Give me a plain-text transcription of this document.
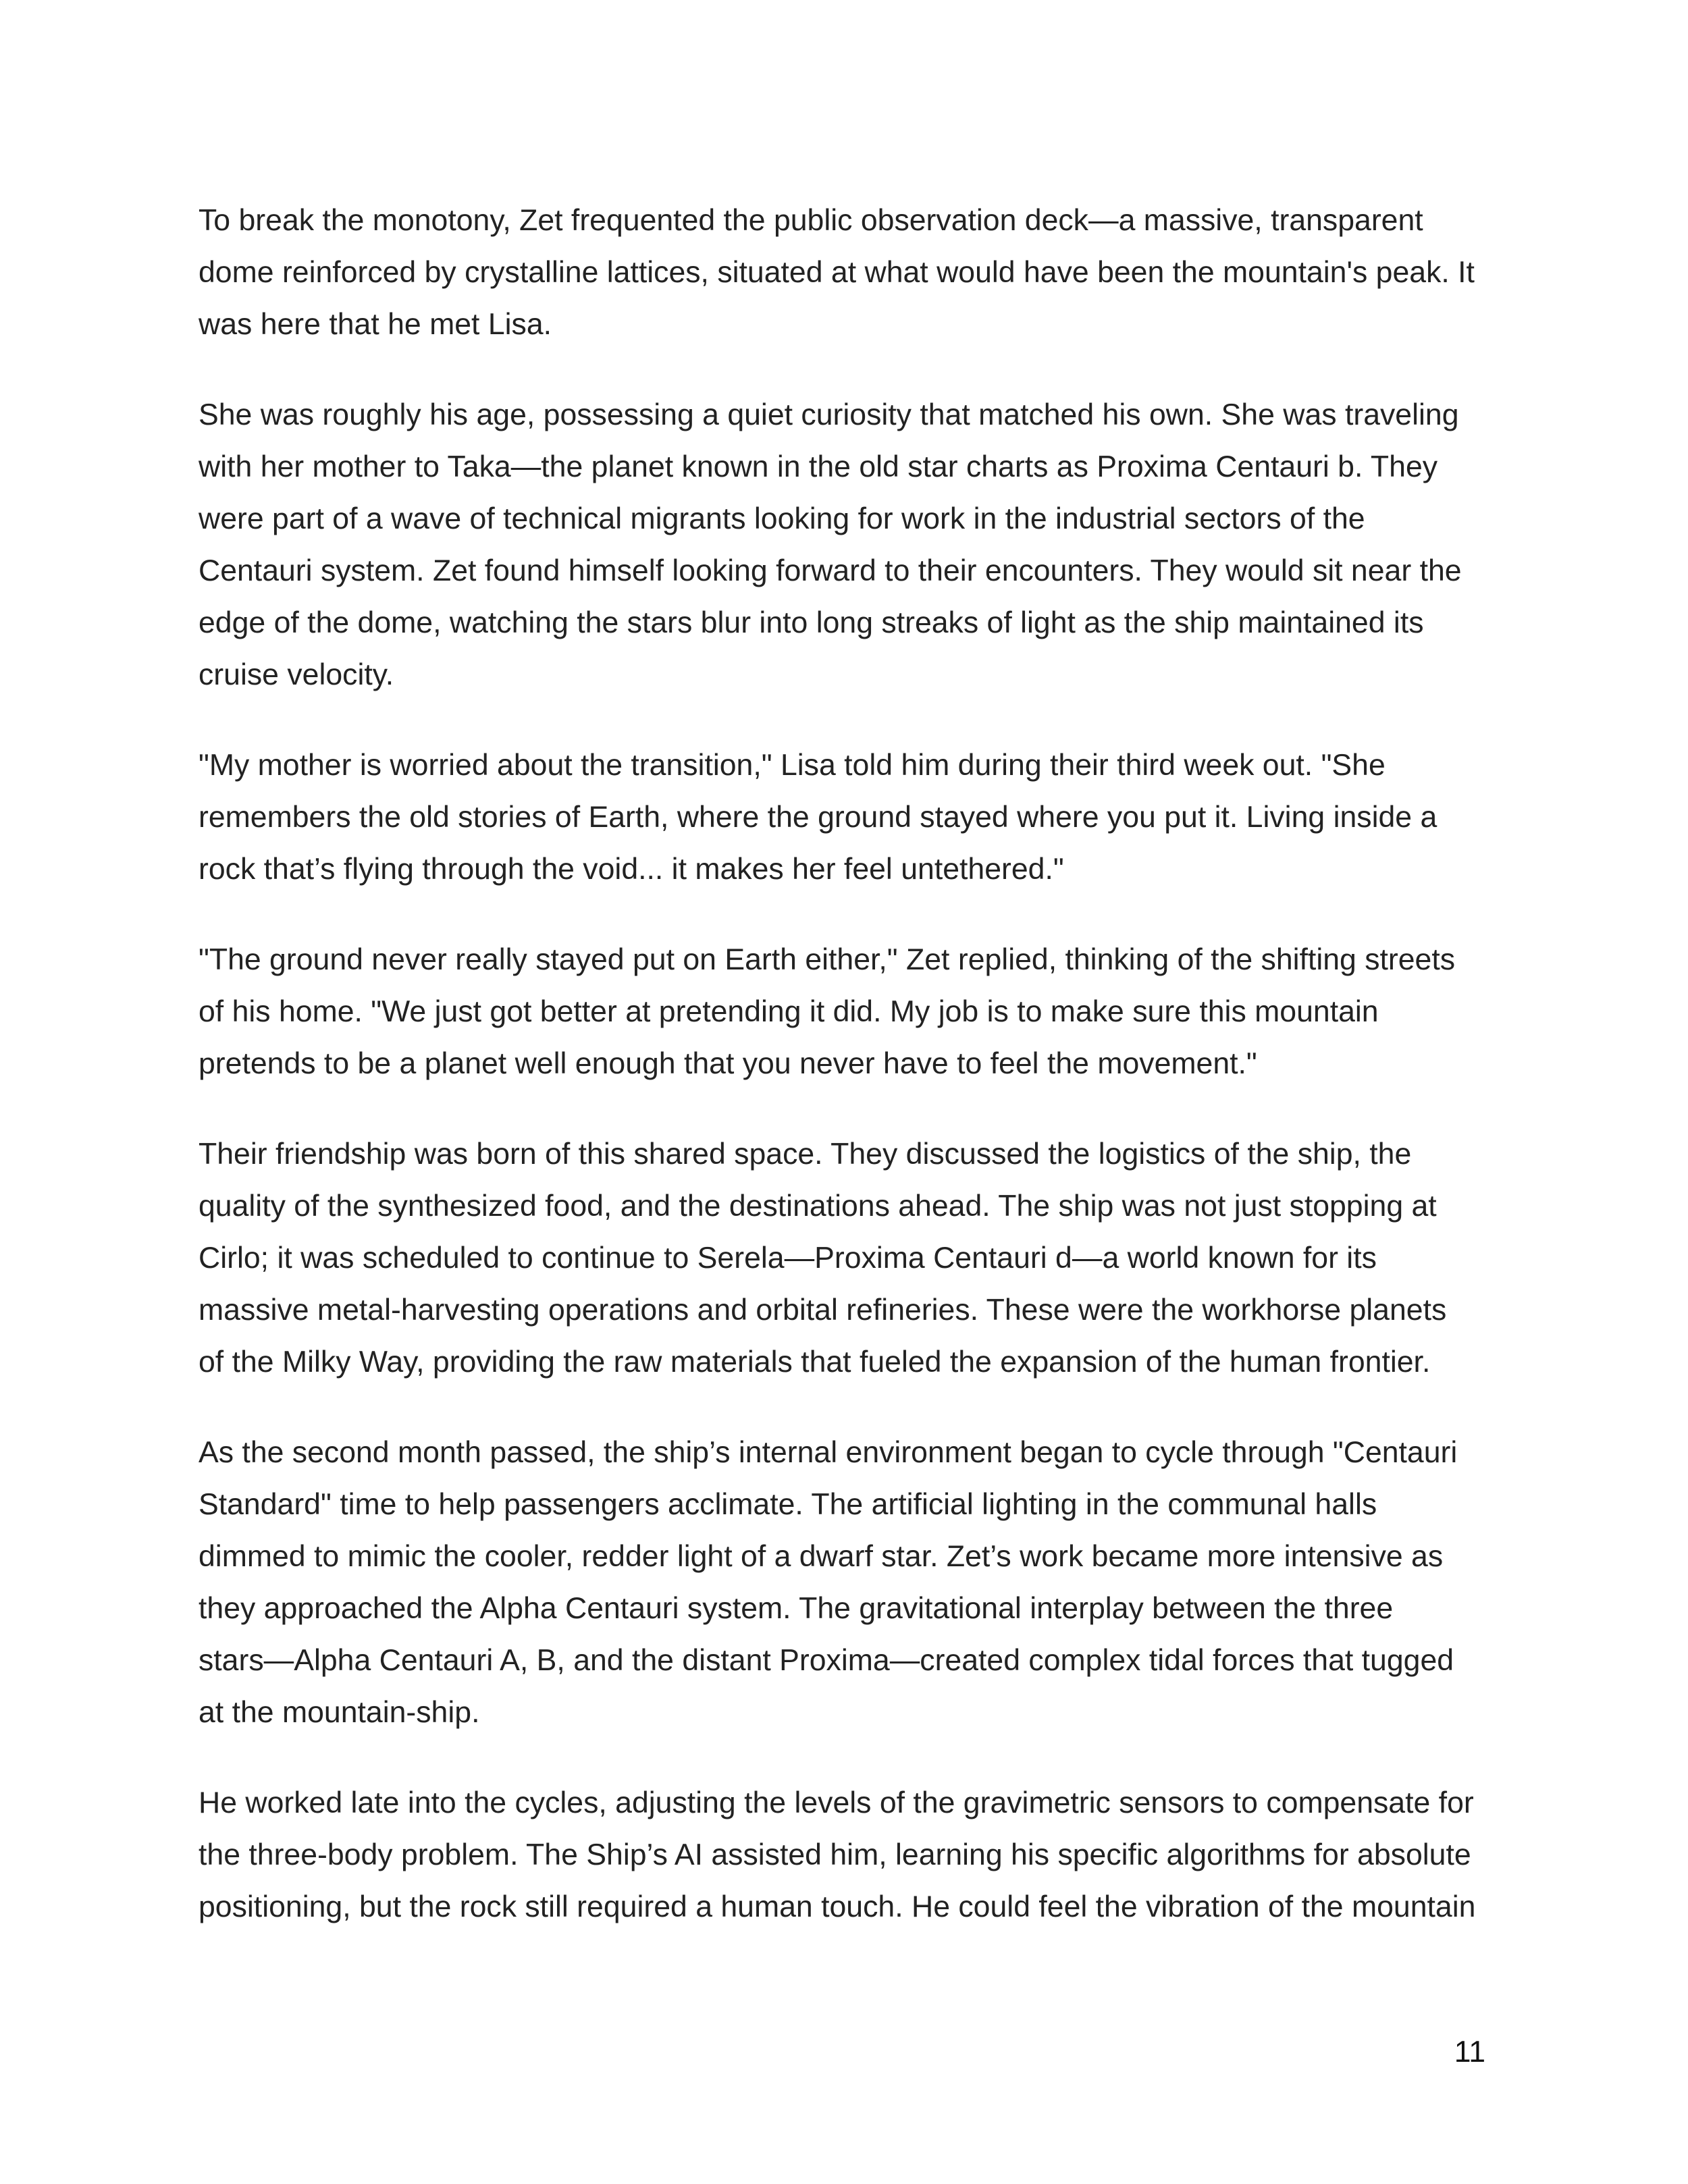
To break the monotony, Zet frequented the public observation deck—a massive, transparent
dome reinforced by crystalline lattices, situated at what would have been the mountain's peak. It
was here that he met Lisa.

She was roughly his age, possessing a quiet curiosity that matched his own. She was traveling
with her mother to Taka—the planet known in the old star charts as Proxima Centauri b. They
were part of a wave of technical migrants looking for work in the industrial sectors of the
Centauri system. Zet found himself looking forward to their encounters. They would sit near the
edge of the dome, watching the stars blur into long streaks of light as the ship maintained its
cruise velocity.

"My mother is worried about the transition," Lisa told him during their third week out. "She
remembers the old stories of Earth, where the ground stayed where you put it. Living inside a
rock that’s flying through the void... it makes her feel untethered."

"The ground never really stayed put on Earth either," Zet replied, thinking of the shifting streets
of his home. "We just got better at pretending it did. My job is to make sure this mountain
pretends to be a planet well enough that you never have to feel the movement."

Their friendship was born of this shared space. They discussed the logistics of the ship, the
quality of the synthesized food, and the destinations ahead. The ship was not just stopping at
Cirlo; it was scheduled to continue to Serela—Proxima Centauri d—a world known for its
massive metal-harvesting operations and orbital refineries. These were the workhorse planets
of the Milky Way, providing the raw materials that fueled the expansion of the human frontier.

As the second month passed, the ship’s internal environment began to cycle through "Centauri
Standard" time to help passengers acclimate. The artificial lighting in the communal halls
dimmed to mimic the cooler, redder light of a dwarf star. Zet’s work became more intensive as
they approached the Alpha Centauri system. The gravitational interplay between the three
stars—Alpha Centauri A, B, and the distant Proxima—created complex tidal forces that tugged
at the mountain-ship.

He worked late into the cycles, adjusting the levels of the gravimetric sensors to compensate for
the three-body problem. The Ship’s AI assisted him, learning his specific algorithms for absolute
positioning, but the rock still required a human touch. He could feel the vibration of the mountain

11
